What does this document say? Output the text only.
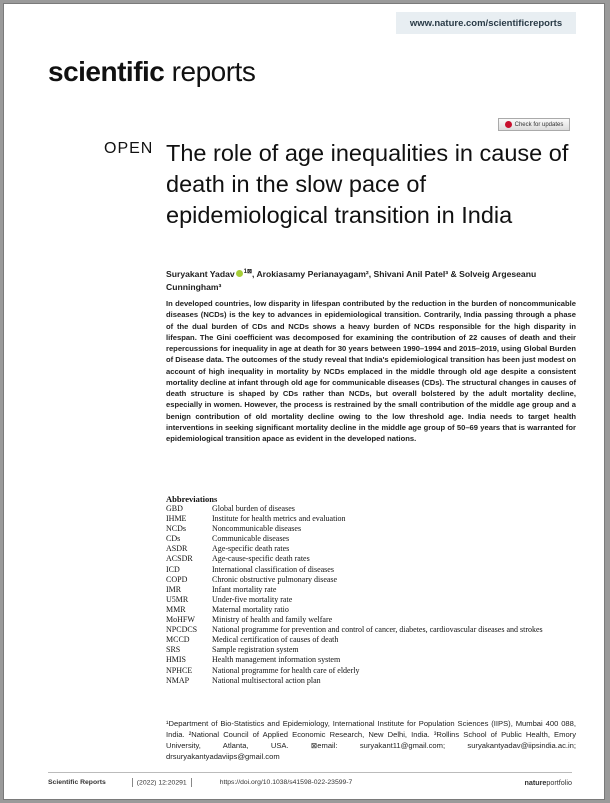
www.nature.com/scientificreports
scientific reports
Check for updates
OPEN The role of age inequalities in cause of death in the slow pace of epidemiological transition in India
Suryakant Yadav $^{1⊠}$, Arokiasamy Perianayagam², Shivani Anil Patel³ & Solveig Argeseanu Cunningham³
In developed countries, low disparity in lifespan contributed by the reduction in the burden of noncommunicable diseases (NCDs) is the key to advances in epidemiological transition. Contrarily, India passing through a phase of the dual burden of CDs and NCDs shows a heavy burden of NCDs responsible for the high disparity in lifespan. The Gini coefficient was decomposed for examining the contribution of 22 causes of death and their repercussions for inequality in age at death for 30 years between 1990–1994 and 2015–2019, using Global Burden of Disease data. The outcomes of the study reveal that India's epidemiological transition has been just modest on account of high inequality in mortality by NCDs emplaced in the middle through old age despite a consistent mortality decline at infant through old age for communicable diseases (CDs). The structural changes in causes of death structure is shaped by CDs rather than NCDs, but overall bolstered by the adult mortality decline, especially in women. However, the process is restrained by the small contribution of the middle age group and a benign contribution of old mortality decline owing to the low threshold age. India needs to target health interventions in seeking significant mortality decline in the middle age group of 50–69 years that is warranted for epidemiological transition apace as evident in the developed nations.
Abbreviations
GBD	Global burden of diseases
IHME	Institute for health metrics and evaluation
NCDs	Noncommunicable diseases
CDs	Communicable diseases
ASDR	Age-specific death rates
ACSDR	Age-cause-specific death rates
ICD	International classification of diseases
COPD	Chronic obstructive pulmonary disease
IMR	Infant mortality rate
U5MR	Under-five mortality rate
MMR	Maternal mortality ratio
MoHFW	Ministry of health and family welfare
NPCDCS	National programme for prevention and control of cancer, diabetes, cardiovascular diseases and strokes
MCCD	Medical certification of causes of death
SRS	Sample registration system
HMIS	Health management information system
NPHCE	National programme for health care of elderly
NMAP	National multisectoral action plan
¹Department of Bio-Statistics and Epidemiology, International Institute for Population Sciences (IIPS), Mumbai 400 088, India. ²National Council of Applied Economic Research, New Delhi, India. ³Rollins School of Public Health, Emory University, Atlanta, USA. ⊠email: suryakant11@gmail.com; suryakantyadav@iipsindia.ac.in; drsuryakantyadaviips@gmail.com
Scientific Reports	(2022) 12:20291	https://doi.org/10.1038/s41598-022-23599-7	natureportfolio
